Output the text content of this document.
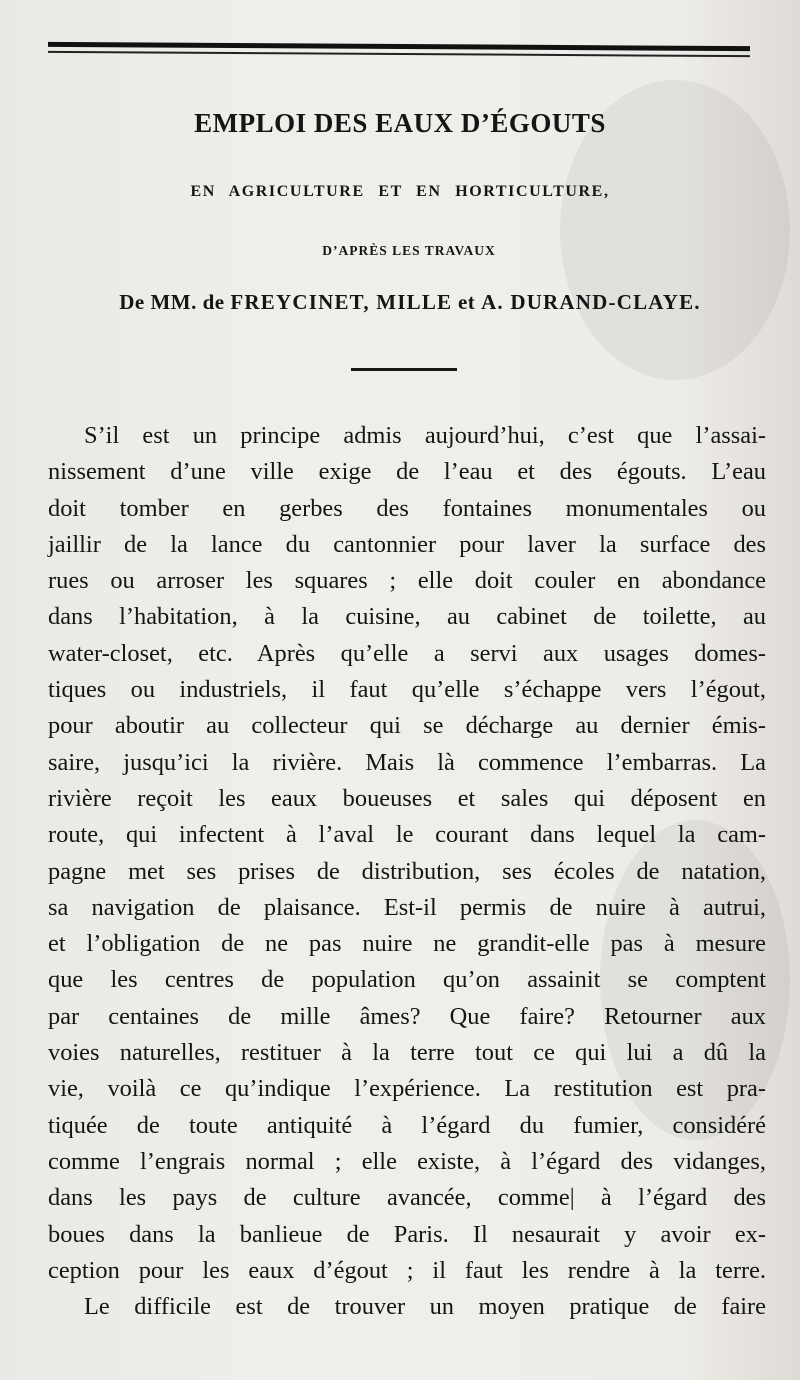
EMPLOI DES EAUX D’ÉGOUTS
EN AGRICULTURE ET EN HORTICULTURE,
D’APRÈS LES TRAVAUX
De MM. de FREYCINET, MILLE et A. DURAND-CLAYE.
S’il est un principe admis aujourd’hui, c’est que l’assai-
nissement d’une ville exige de l’eau et des égouts. L’eau
doit tomber en gerbes des fontaines monumentales ou
jaillir de la lance du cantonnier pour laver la surface des
rues ou arroser les squares ; elle doit couler en abondance
dans l’habitation, à la cuisine, au cabinet de toilette, au
water-closet, etc. Après qu’elle a servi aux usages domes-
tiques ou industriels, il faut qu’elle s’échappe vers l’égout,
pour aboutir au collecteur qui se décharge au dernier émis-
saire, jusqu’ici la rivière. Mais là commence l’embarras. La
rivière reçoit les eaux boueuses et sales qui déposent en
route, qui infectent à l’aval le courant dans lequel la cam-
pagne met ses prises de distribution, ses écoles de natation,
sa navigation de plaisance. Est-il permis de nuire à autrui,
et l’obligation de ne pas nuire ne grandit-elle pas à mesure
que les centres de population qu’on assainit se comptent
par centaines de mille âmes? Que faire? Retourner aux
voies naturelles, restituer à la terre tout ce qui lui a dû la
vie, voilà ce qu’indique l’expérience. La restitution est pra-
tiquée de toute antiquité à l’égard du fumier, considéré
comme l’engrais normal ; elle existe, à l’égard des vidanges,
dans les pays de culture avancée, comme| à l’égard des
boues dans la banlieue de Paris. Il nesaurait y avoir ex-
ception pour les eaux d’égout ; il faut les rendre à la terre.
Le difficile est de trouver un moyen pratique de faire
